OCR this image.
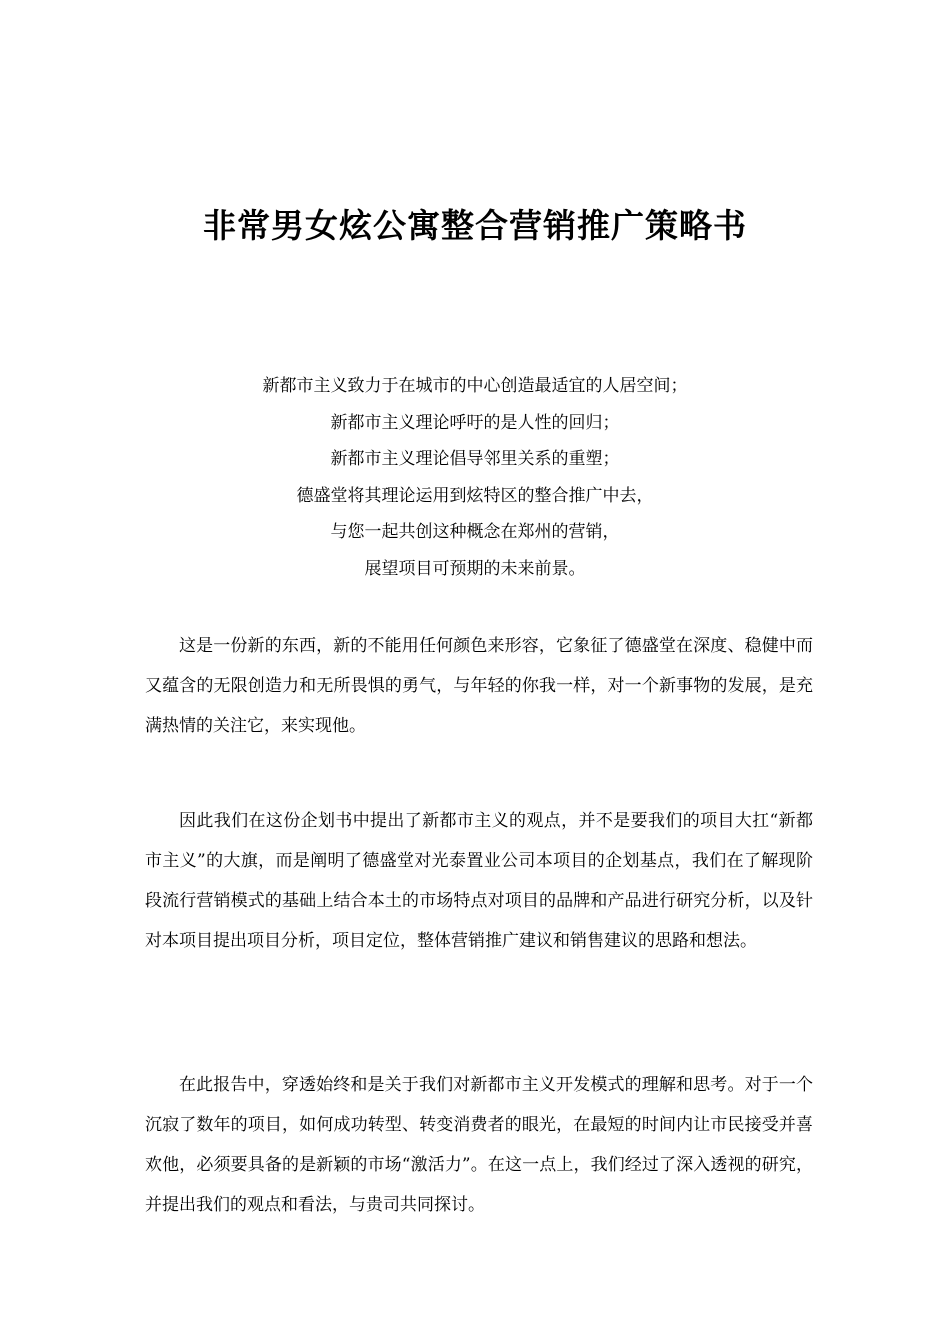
非常男女炫公寓整合营销推广策略书
新都市主义致力于在城市的中心创造最适宜的人居空间；
新都市主义理论呼吁的是人性的回归；
新都市主义理论倡导邻里关系的重塑；
德盛堂将其理论运用到炫特区的整合推广中去，
与您一起共创这种概念在郑州的营销，
展望项目可预期的未来前景。

这是一份新的东西，新的不能用任何颜色来形容，它象征了德盛堂在深度、稳健中而又蕴含的无限创造力和无所畏惧的勇气，与年轻的你我一样，对一个新事物的发展，是充满热情的关注它，来实现他。

因此我们在这份企划书中提出了新都市主义的观点，并不是要我们的项目大扛“新都市主义”的大旗，而是阐明了德盛堂对光泰置业公司本项目的企划基点，我们在了解现阶段流行营销模式的基础上结合本土的市场特点对项目的品牌和产品进行研究分析，以及针对本项目提出项目分析，项目定位，整体营销推广建议和销售建议的思路和想法。

在此报告中，穿透始终和是关于我们对新都市主义开发模式的理解和思考。对于一个沉寂了数年的项目，如何成功转型、转变消费者的眼光，在最短的时间内让市民接受并喜欢他，必须要具备的是新颖的市场“激活力”。在这一点上，我们经过了深入透视的研究，并提出我们的观点和看法，与贵司共同探讨。
